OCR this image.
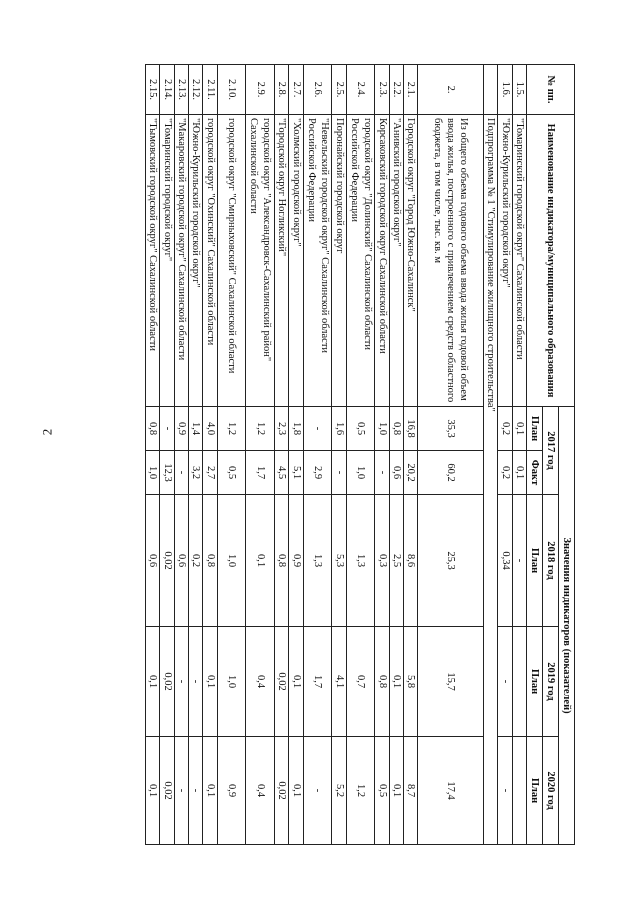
2
№ пп.	Наименование индикатора/муниципального образования	Значения индикаторов (показателей)				
		2017 год		2018 год	2019 год	2020 год
		План	Факт	План	План	План
1.5.	"Томаринский городской округ" Сахалинской области	0,1	0,1	-		
1.6.	"Южно-Курильский городской округ"	0,2	0,2	0,34	-	-
	Подпрограмма № 1 "Стимулирование жилищного строительства"					
2.	Из общего объема годового объема ввода жилья годовой объем ввода жилья, построенного с привлечением средств областного бюджета, в том числе, тыс. кв. м	35,3	60,2	25,3	15,7	17,4
2.1.	Городской округ "Город Южно-Сахалинск"	16,8	20,2	8,6	5,8	8,7
2.2.	"Анивский городской округ"	0,8	0,6	2,5	0,1	0,1
2.3.	Корсаковский городской округ Сахалинской области	1,0	-	0,3	0,8	0,5
2.4.	городской округ "Долинский" Сахалинской области Российской Федерации	0,5	1,0	1,3	0,7	1,2
2.5.	Поронайский городской округ	1,6	-	5,3	4,1	5,2
2.6.	"Невельский городской округ" Сахалинской области Российской Федерации	-	2,9	1,3	1,7	-
2.7.	"Холмский городской округ"	1,8	5,1	0,9	0,1	0,1
2.8.	"Городской округ Ногликский"	2,3	4,5	0,8	0,02	0,02
2.9.	городской округ "Александровск-Сахалинский район" Сахалинской области	1,2	1,7	0,1	0,4	0,4
2.10.	городской округ "Смирныховский" Сахалинской области	1,2	0,5	1,0	1,0	0,9
2.11.	городской округ "Охинский" Сахалинской области	4,0	2,7	0,8	0,1	0,1
2.12.	"Южно-Курильский городской округ"	1,4	3,2	0,2	-	-
2.13.	"Макаровский городской округ" Сахалинской области	0,9	-	0,6	-	-
2.14.	"Томаринский городской округ"	-	12,3	0,02	0,02	0,02
2.15.	"Тымовский городской округ" Сахалинской области	0,8	1,0	0,6	0,1	0,1
